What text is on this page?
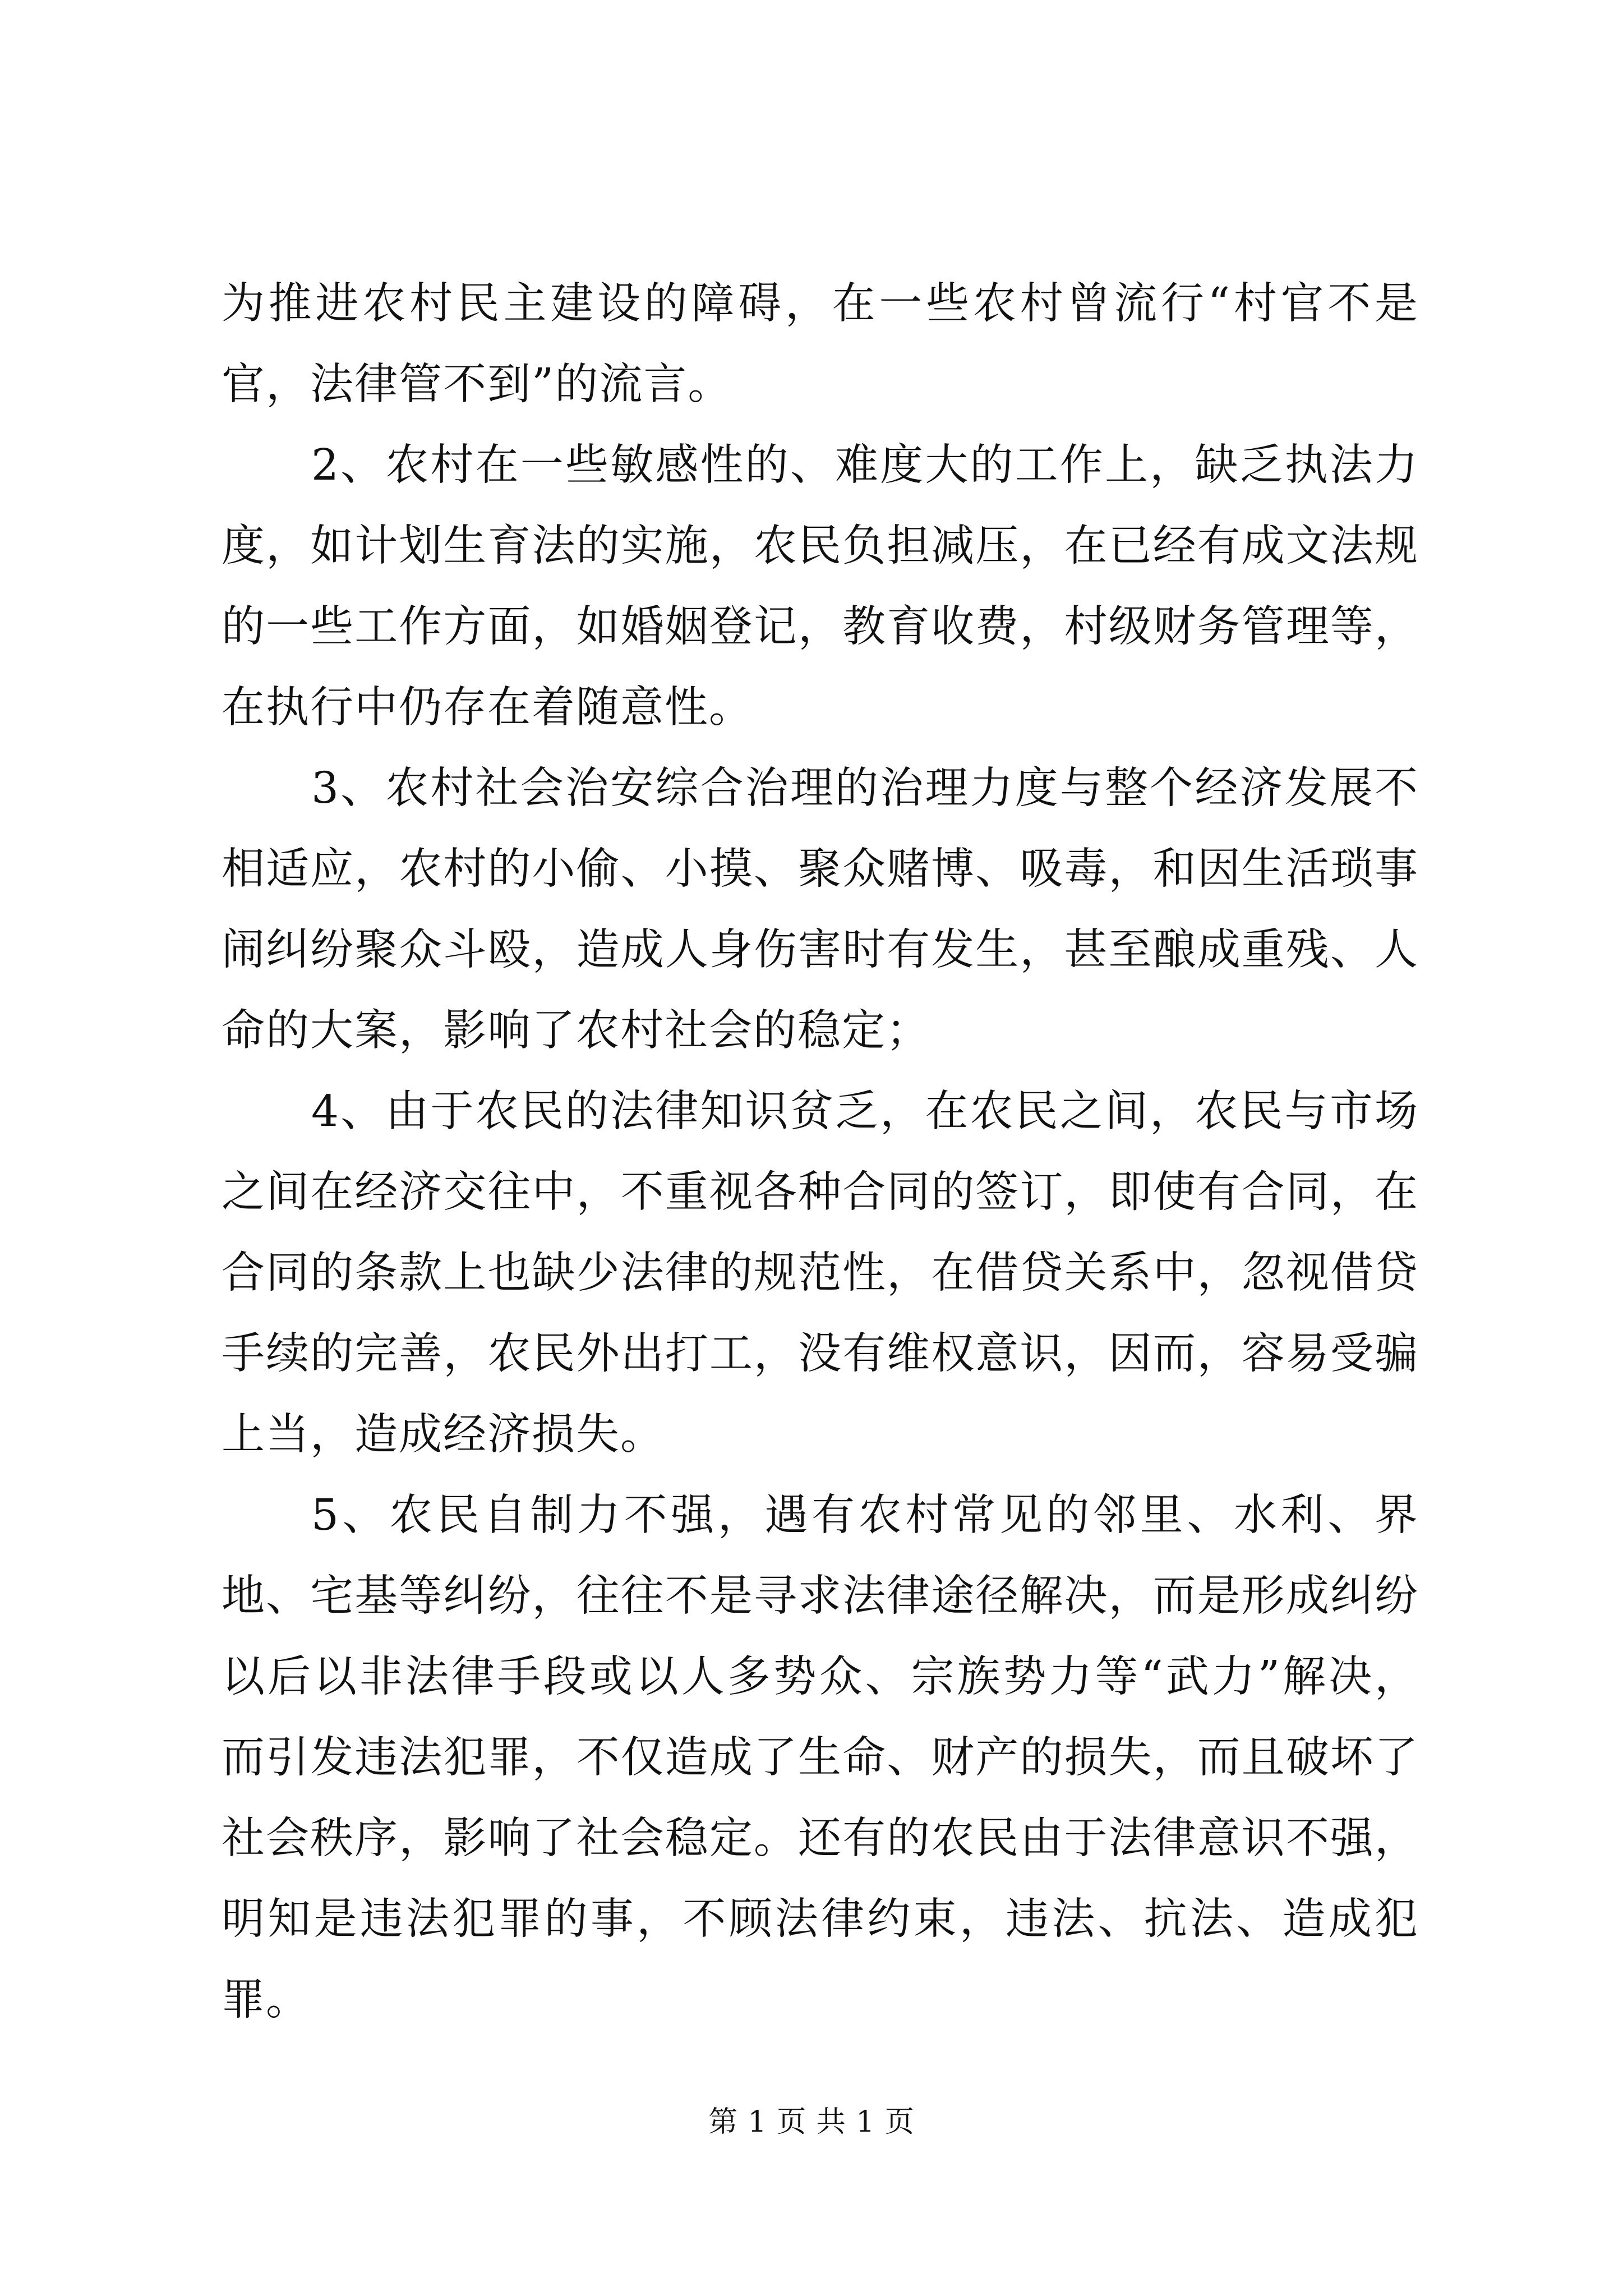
为推进农村民主建设的障碍，在一些农村曾流行“村官不是官，法律管不到”的流言。

2、农村在一些敏感性的、难度大的工作上，缺乏执法力度，如计划生育法的实施，农民负担减压，在已经有成文法规的一些工作方面，如婚姻登记，教育收费，村级财务管理等，在执行中仍存在着随意性。

3、农村社会治安综合治理的治理力度与整个经济发展不相适应，农村的小偷、小摸、聚众赌博、吸毒，和因生活琐事闹纠纷聚众斗殴，造成人身伤害时有发生，甚至酿成重残、人命的大案，影响了农村社会的稳定；

4、由于农民的法律知识贫乏，在农民之间，农民与市场之间在经济交往中，不重视各种合同的签订，即使有合同，在合同的条款上也缺少法律的规范性，在借贷关系中，忽视借贷手续的完善，农民外出打工，没有维权意识，因而，容易受骗上当，造成经济损失。

5、农民自制力不强，遇有农村常见的邻里、水利、界地、宅基等纠纷，往往不是寻求法律途径解决，而是形成纠纷以后以非法律手段或以人多势众、宗族势力等“武力”解决，而引发违法犯罪，不仅造成了生命、财产的损失，而且破坏了社会秩序，影响了社会稳定。还有的农民由于法律意识不强，明知是违法犯罪的事，不顾法律约束，违法、抗法、造成犯罪。

第 1 页 共 1 页
